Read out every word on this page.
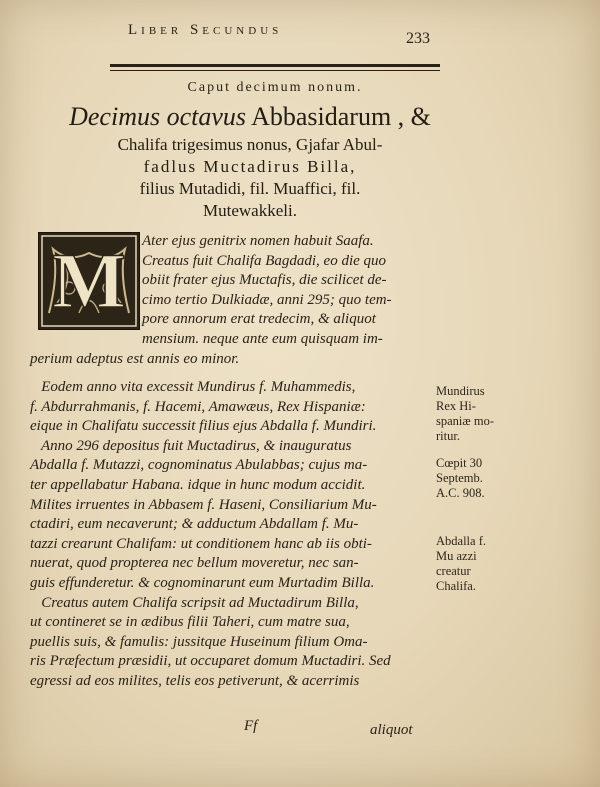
Liber Secundus	233
Caput decimum nonum.
Decimus octavus Abbasidarum , &
Chalifa trigesimus nonus, Gjafar Abul-
fadlus Muctadirus Billa,
filius Mutadidi, fil. Muaffici, fil.
Mutewakkeli.
M	Ater ejus genitrix nomen habuit Saafa.
Creatus fuit Chalifa Bagdadi, eo die quo
obiit frater ejus Muctafis, die scilicet de-
cimo tertio Dulkiadæ, anni 295; quo tem-
pore annorum erat tredecim, & aliquot
mensium. neque ante eum quisquam im-
perium adeptus est annis eo minor.
Eodem anno vita excessit Mundirus f. Muhammedis,
f. Abdurrahmanis, f. Hacemi, Amawæus, Rex Hispaniæ:
eique in Chalifatu successit filius ejus Abdalla f. Mundiri.
Anno 296 depositus fuit Muctadirus, & inauguratus
Abdalla f. Mutazzi, cognominatus Abulabbas; cujus ma-
ter appellabatur Habana. idque in hunc modum accidit.
Milites irruentes in Abbasem f. Haseni, Consiliarium Mu-
ctadiri, eum necaverunt; & adductum Abdallam f. Mu-
tazzi crearunt Chalifam: ut conditionem hanc ab iis obti-
nuerat, quod propterea nec bellum moveretur, nec san-
guis effunderetur. & cognominarunt eum Murtadim Billa.
Creatus autem Chalifa scripsit ad Muctadirum Billa,
ut contineret se in ædibus filii Taheri, cum matre sua,
puellis suis, & famulis: jussitque Huseinum filium Oma-
ris Præfectum præsidii, ut occuparet domum Muctadiri. Sed
egressi ad eos milites, telis eos petiverunt, & acerrimis
Mundirus
Rex Hi-
spaniæ mo-
ritur.
Cœpit 30
Septemb.
A.C. 908.
Abdalla f.
Mu azzi
creatur
Chalifa.
Ff	aliquot
